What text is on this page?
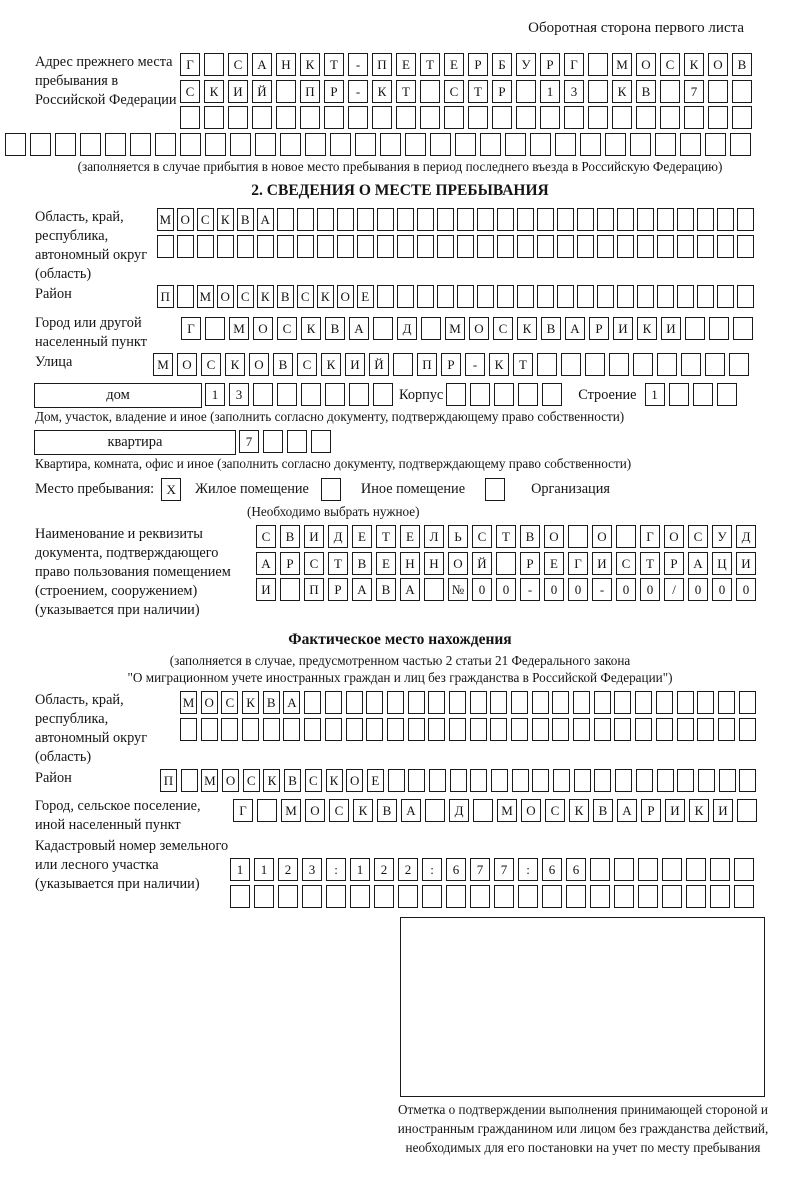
Оборотная сторона первого листа
Адрес прежнего места пребывания в Российской Федерации
Г	С	А	Н	К	Т	-	П	Е	Т	Е	Р	Б	У	Р	Г	М	О	С	К	О	В
С	К	И	Й	П	Р	-	К	Т	С	Т	Р	1	3	К	В	7
(заполняется в случае прибытия в новое место пребывания в период последнего въезда в Российскую Федерацию)
2. СВЕДЕНИЯ О МЕСТЕ ПРЕБЫВАНИЯ
Область, край, республика, автономный округ (область)
М О С К В А
Район	П М О С К В С К О Е
Город или другой населенный пункт
Г	М	О	С	К	В	А	Д	М	О	С	К	В	А	Р	И	К	И
Улица	М	О	С	К	О	В	С	К	И	Й	П	Р	-	К	Т
дом	1	3	Корпус	Строение	1
Дом, участок, владение и иное (заполнить согласно документу, подтверждающему право собственности)
квартира	7
Квартира, комната, офис и иное (заполнить согласно документу, подтверждающему право собственности)
Место пребывания: X	Жилое помещение	Иное помещение	Организация
(Необходимо выбрать нужное)
Наименование и реквизиты документа, подтверждающего право пользования помещением (строением, сооружением) (указывается при наличии)
С	В	И	Д	Е	Т	Е	Л	Ь	С	Т	В	О	О	Г	О	С	У	Д
А	Р	С	Т	В	Е	Н	Н	О	Й	Р	Е	Г	И	С	Т	Р	А	Ц	И
И	П	Р	А	В	А	№	0	0	-	0	0	-	0	0	/	0	0	0
Фактическое место нахождения
(заполняется в случае, предусмотренном частью 2 статьи 21 Федерального закона
"О миграционном учете иностранных граждан и лиц без гражданства в Российской Федерации")
Область, край, республика, автономный округ (область)
М О С К В А
Район	П М О С К В С К О Е
Город, сельское поселение, иной населенный пункт
Г	М	О	С	К	В	А	Д	М	О	С	К	В	А	Р	И	К	И
Кадастровый номер земельного или лесного участка (указывается при наличии)
1	1	2	3	:	1	2	2	:	6	7	7	:	6	6
Отметка о подтверждении выполнения принимающей стороной и иностранным гражданином или лицом без гражданства действий, необходимых для его постановки на учет по месту пребывания
